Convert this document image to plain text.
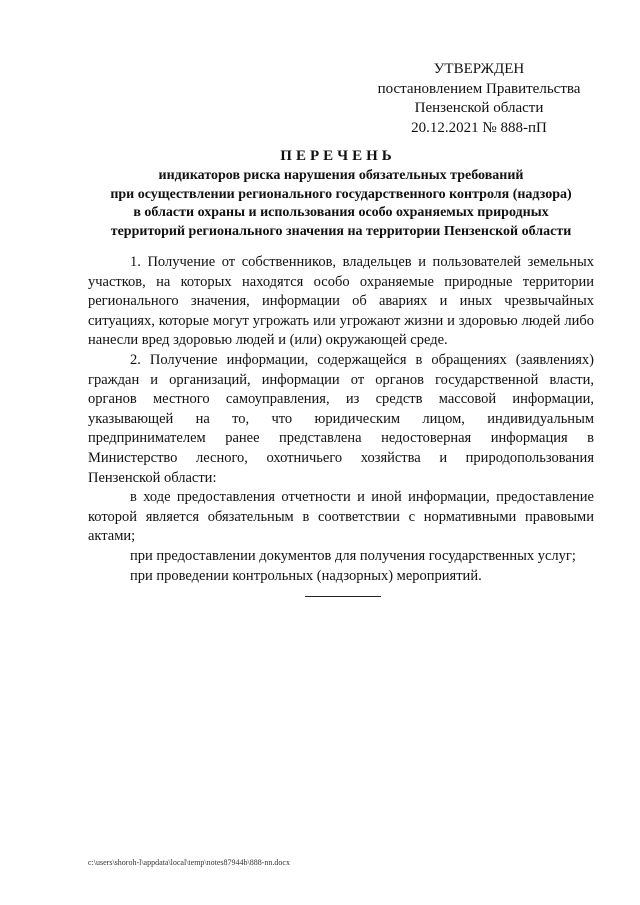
УТВЕРЖДЕН
постановлением Правительства
Пензенской области
20.12.2021 № 888-пП
ПЕРЕЧЕНЬ
индикаторов риска нарушения обязательных требований
при осуществлении регионального государственного контроля (надзора)
в области охраны и использования особо охраняемых природных
территорий регионального значения на территории Пензенской области

1. Получение от собственников, владельцев и пользователей земельных участков, на которых находятся особо охраняемые природные территории регионального значения, информации об авариях и иных чрезвычайных ситуациях, которые могут угрожать или угрожают жизни и здоровью людей либо нанесли вред здоровью людей и (или) окружающей среде.

2. Получение информации, содержащейся в обращениях (заявлениях) граждан и организаций, информации от органов государственной власти, органов местного самоуправления, из средств массовой информации, указывающей на то, что юридическим лицом, индивидуальным предпринимателем ранее представлена недостоверная информация в Министерство лесного, охотничьего хозяйства и природопользования Пензенской области:

в ходе предоставления отчетности и иной информации, предоставление которой является обязательным в соответствии с нормативными правовыми актами;

при предоставлении документов для получения государственных услуг;

при проведении контрольных (надзорных) мероприятий.

c:\users\shoroh-l\appdata\local\temp\notes87944b\888-nn.docx
